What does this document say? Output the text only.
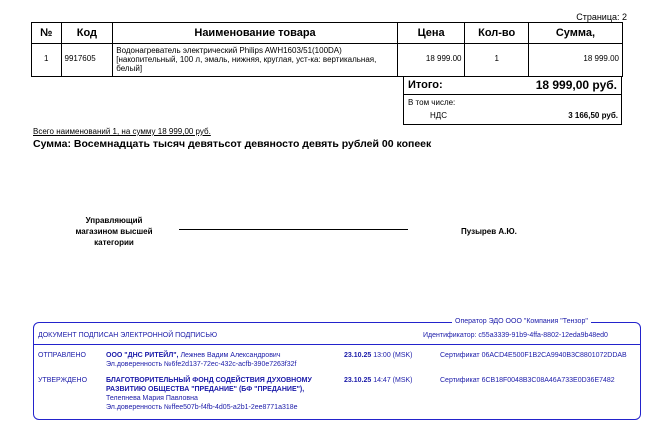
Страница: 2
№	Код	Наименование товара	Цена	Кол-во	Сумма,
1	9917605	Водонагреватель электрический Philips AWH1603/51(100DA) [накопительный, 100 л, эмаль, нижняя, круглая, уст-ка: вертикальная, белый]	18 999.00	1	18 999.00
Итого:	18 999,00 руб.
В том числе:
НДС	3 166,50 руб.
Всего наименований 1, на сумму 18 999,00 руб.
Сумма: Восемнадцать тысяч девятьсот девяносто девять рублей 00 копеек
Управляющий магазином высшей категории
Пузырев А.Ю.
ДОКУМЕНТ ПОДПИСАН ЭЛЕКТРОННОЙ ПОДПИСЬЮ	Идентификатор: c55a3339-91b9-4ffa-8802-12eda9b48ed0
ОТПРАВЛЕНО	ООО "ДНС РИТЕЙЛ", Лежнев Вадим Александрович
Эл.доверенность №6fe2d137-72ec-432c-acfb-390e7263f32f
23.10.25 13:00 (MSK)	Сертификат 06ACD4E500F1B2CA9940B3C8801072DDAB
УТВЕРЖДЕНО	БЛАГОТВОРИТЕЛЬНЫЙ ФОНД СОДЕЙСТВИЯ ДУХОВНОМУ РАЗВИТИЮ ОБЩЕСТВА "ПРЕДАНИЕ" (БФ "ПРЕДАНИЕ"), Телепнева Мария Павловна
Эл.доверенность №ffee507b-f4fb-4d05-a2b1-2ee8771a318e
23.10.25 14:47 (MSK)	Сертификат 6CB18F0048B3C08A46A733E0D36E7482
Оператор ЭДО ООО "Компания "Тензор"
